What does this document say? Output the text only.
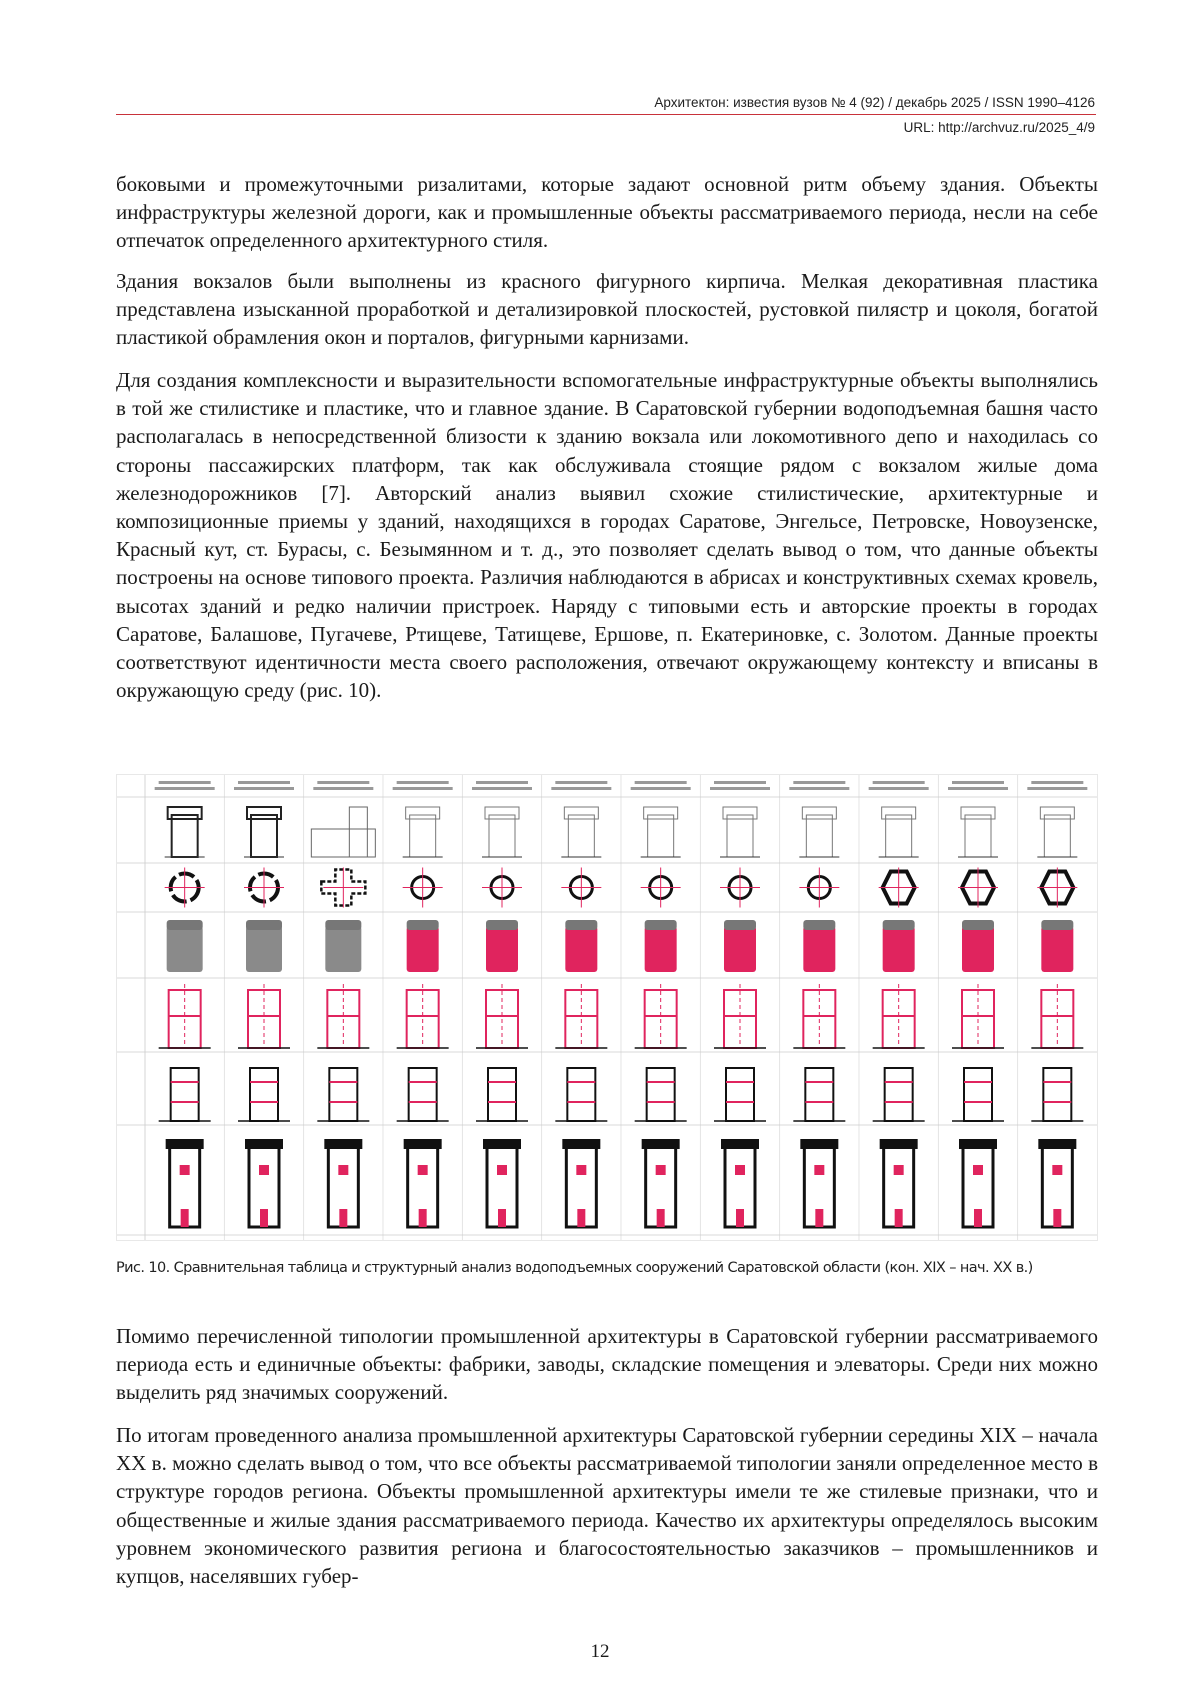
Архитектон: известия вузов № 4 (92) / декабрь 2025 / ISSN 1990–4126
URL: http://archvuz.ru/2025_4/9

боковыми и промежуточными ризалитами, которые задают основной ритм объему здания. Объекты инфраструктуры железной дороги, как и промышленные объекты рассматриваемого периода, несли на себе отпечаток определенного архитектурного стиля.

Здания вокзалов были выполнены из красного фигурного кирпича. Мелкая декоративная пластика представлена изысканной проработкой и детализировкой плоскостей, рустовкой пилястр и цоколя, богатой пластикой обрамления окон и порталов, фигурными карнизами.

Для создания комплексности и выразительности вспомогательные инфраструктурные объекты выполнялись в той же стилистике и пластике, что и главное здание. В Саратовской губернии водоподъемная башня часто располагалась в непосредственной близости к зданию вокзала или локомотивного депо и находилась со стороны пассажирских платформ, так как обслуживала стоящие рядом с вокзалом жилые дома железнодорожников [7]. Авторский анализ выявил схожие стилистические, архитектурные и композиционные приемы у зданий, находящихся в городах Саратове, Энгельсе, Петровске, Новоузенске, Красный кут, ст. Бурасы, с. Безымянном и т. д., это позволяет сделать вывод о том, что данные объекты построены на основе типового проекта. Различия наблюдаются в абрисах и конструктивных схемах кровель, высотах зданий и редко наличии пристроек. Наряду с типовыми есть и авторские проекты в городах Саратове, Балашове, Пугачеве, Ртищеве, Татищеве, Ершове, п. Екатериновке, с. Золотом. Данные проекты соответствуют идентичности места своего расположения, отвечают окружающему контексту и вписаны в окружающую среду (рис. 10).

Рис. 10. Сравнительная таблица и структурный анализ водоподъемных сооружений Саратовской области (кон. XIX – нач. XX в.)

Помимо перечисленной типологии промышленной архитектуры в Саратовской губернии рассматриваемого периода есть и единичные объекты: фабрики, заводы, складские помещения и элеваторы. Среди них можно выделить ряд значимых сооружений.

По итогам проведенного анализа промышленной архитектуры Саратовской губернии середины XIX – начала XX в. можно сделать вывод о том, что все объекты рассматриваемой типологии заняли определенное место в структуре городов региона. Объекты промышленной архитектуры имели те же стилевые признаки, что и общественные и жилые здания рассматриваемого периода. Качество их архитектуры определялось высоким уровнем экономического развития региона и благосостоятельностью заказчиков – промышленников и купцов, населявших губер-

12
